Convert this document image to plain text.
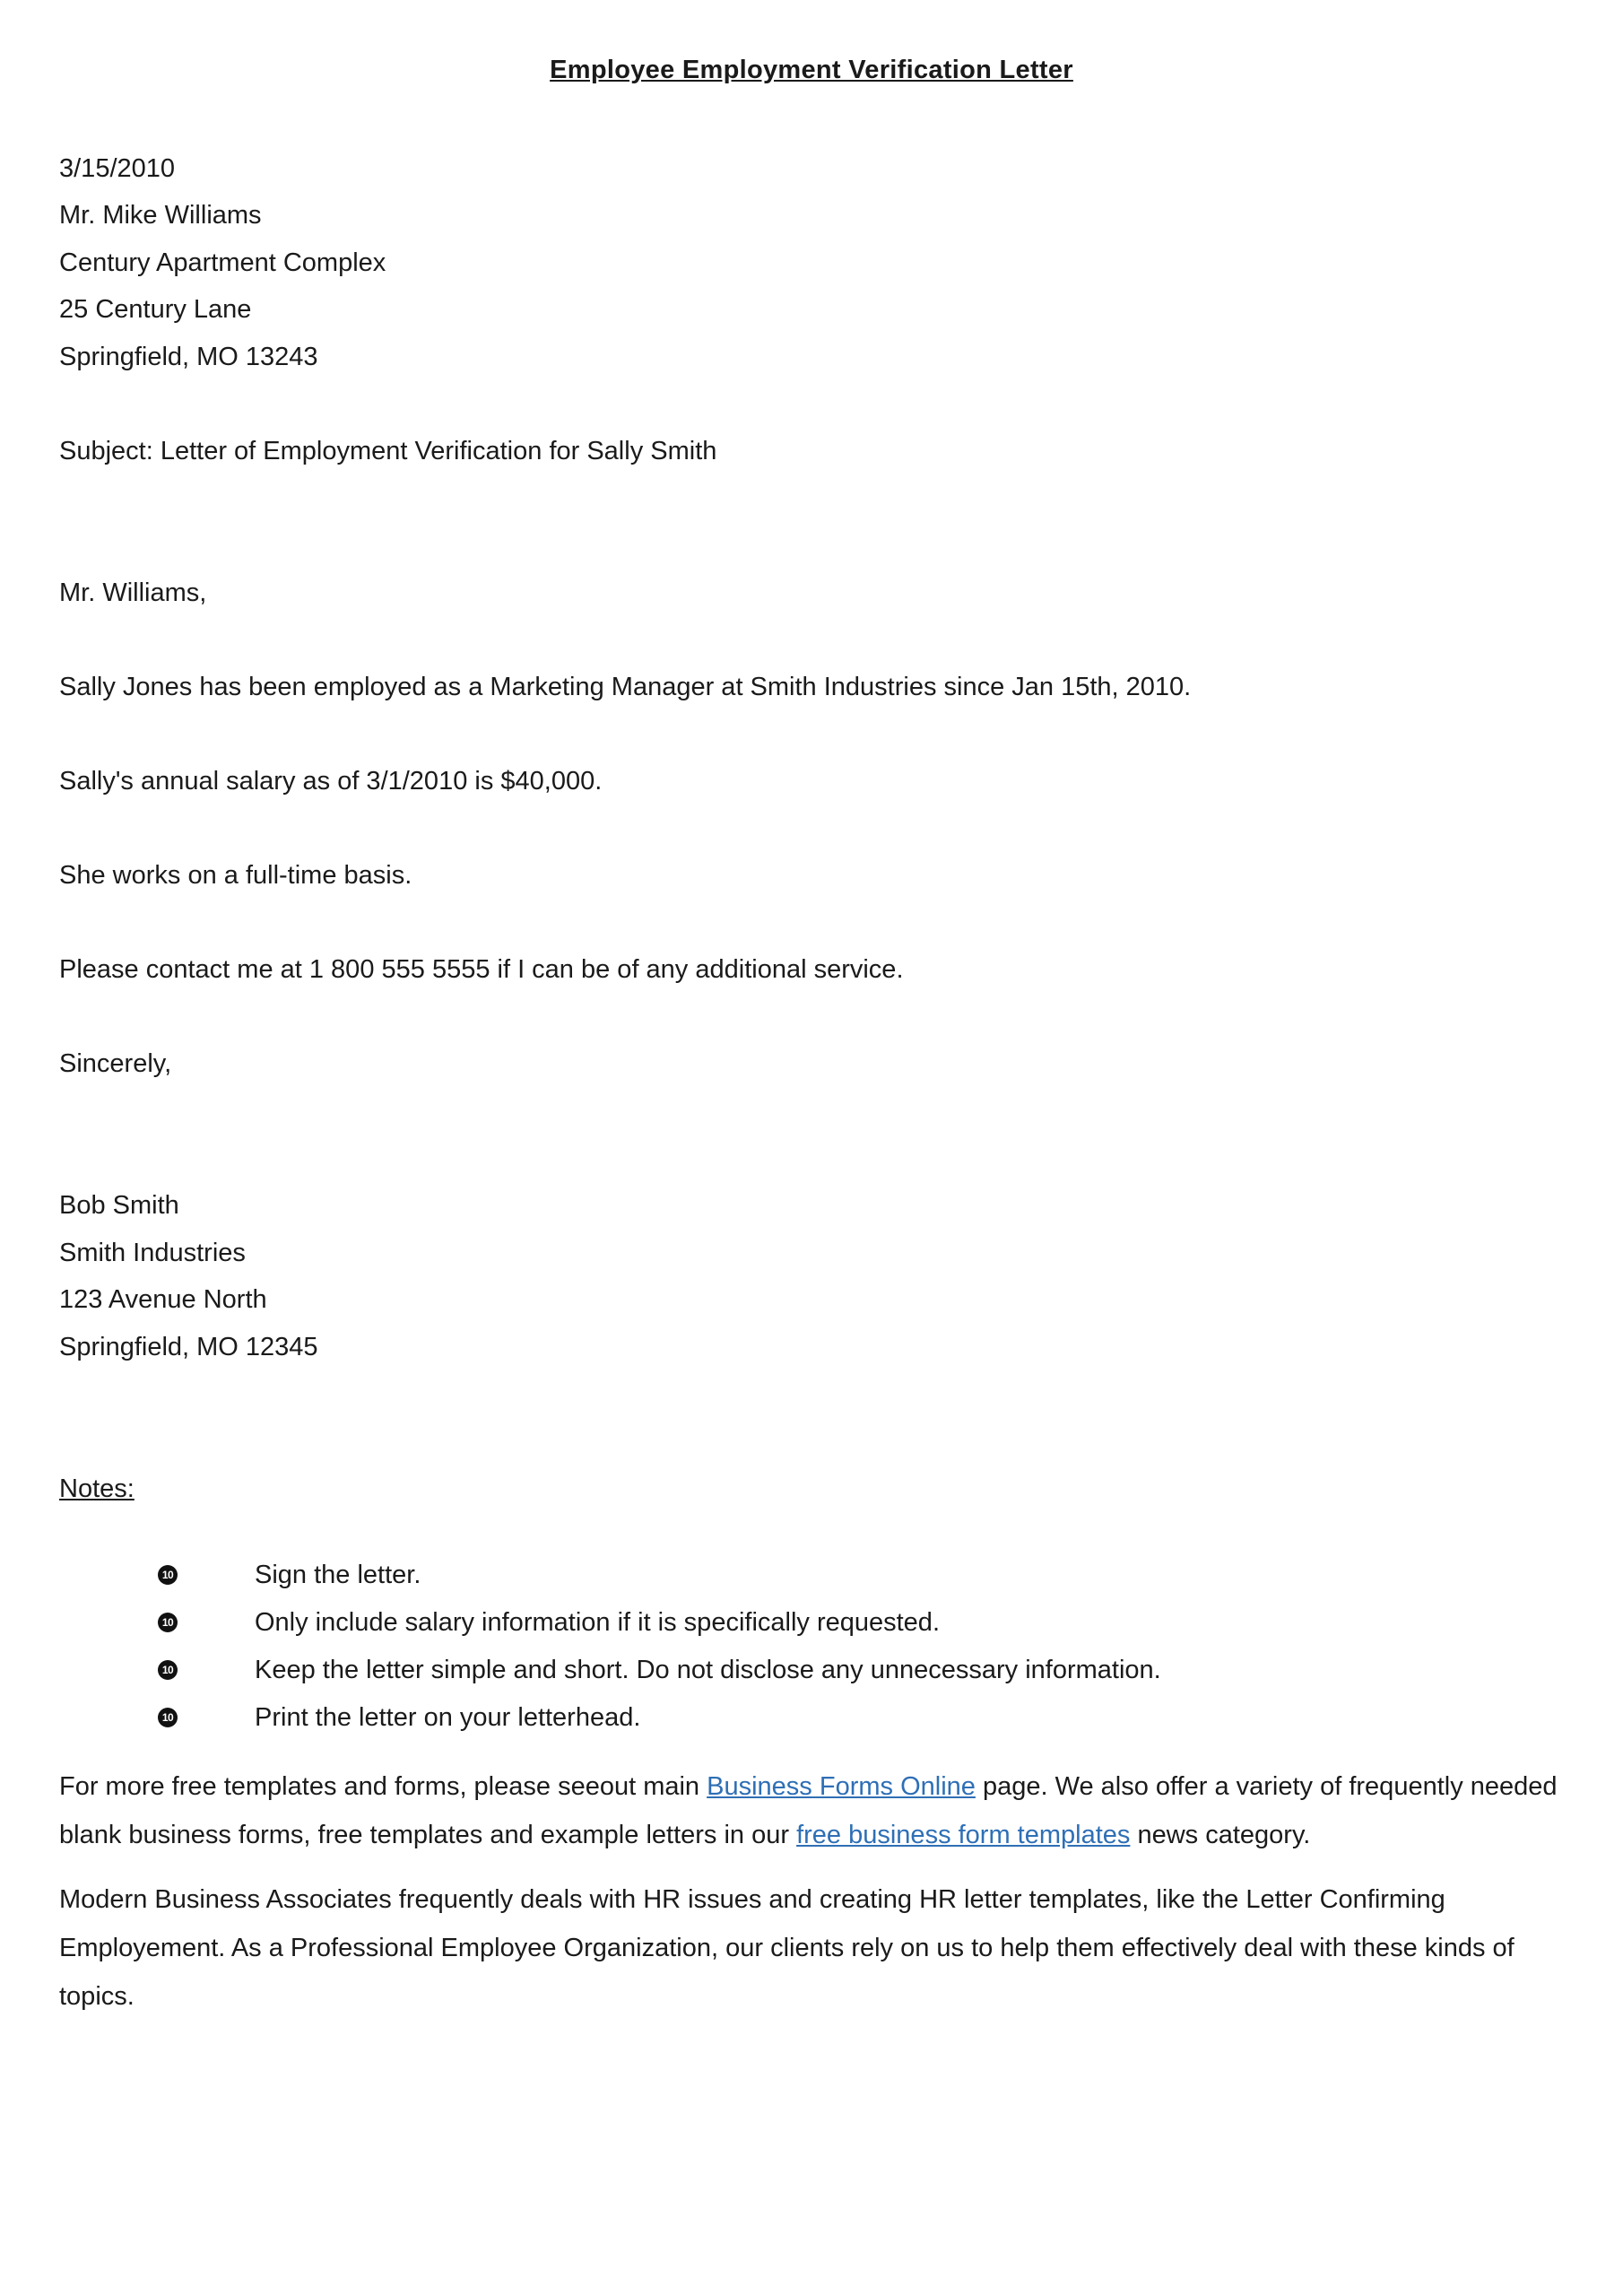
Employee Employment Verification Letter
3/15/2010
Mr. Mike Williams
Century Apartment Complex
25 Century Lane
Springfield, MO 13243
Subject: Letter of Employment Verification for Sally Smith
Mr. Williams,
Sally Jones has been employed as a Marketing Manager at Smith Industries since Jan 15th, 2010.
Sally's annual salary as of 3/1/2010 is $40,000.
She works on a full-time basis.
Please contact me at 1 800 555 5555 if I can be of any additional service.
Sincerely,
Bob Smith
Smith Industries
123 Avenue North
Springfield, MO 12345
Notes:
10	Sign the letter.
10	Only include salary information if it is specifically requested.
10	Keep the letter simple and short. Do not disclose any unnecessary information.
10	Print the letter on your letterhead.
For more free templates and forms, please seeout main Business Forms Online page. We also offer a variety of frequently needed blank business forms, free templates and example letters in our free business form templates news category.
Modern Business Associates frequently deals with HR issues and creating HR letter templates, like the Letter Confirming Employement. As a Professional Employee Organization, our clients rely on us to help them effectively deal with these kinds of topics.
